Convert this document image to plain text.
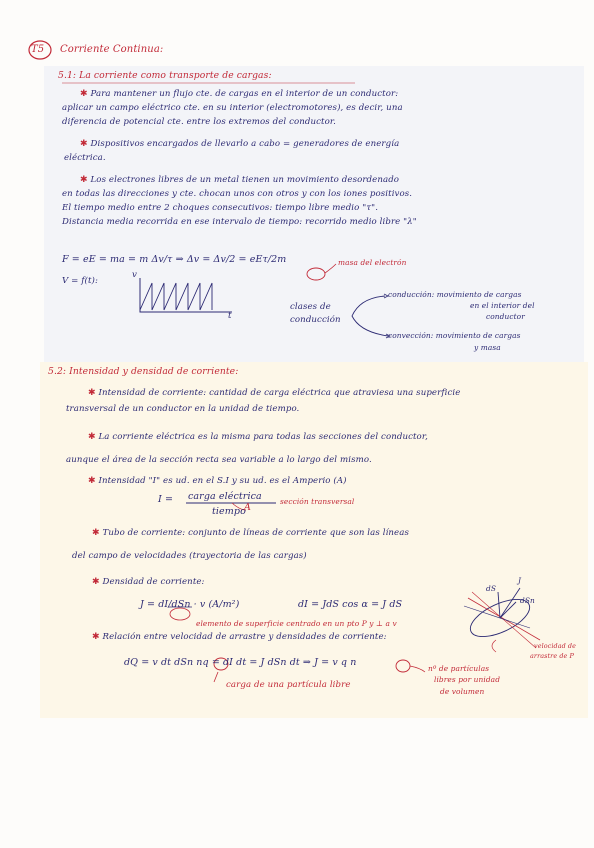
T5 Corriente Continua:
5.1: La corriente como transporte de cargas:
✱ Para mantener un flujo cte. de cargas en el interior de un conductor:
aplicar un campo eléctrico cte. en su interior (electromotores), es decir, una
diferencia de potencial cte. entre los extremos del conductor.
✱ Dispositivos encargados de llevarlo a cabo = generadores de energía
eléctrica.
✱ Los electrones libres de un metal tienen un movimiento desordenado
en todas las direcciones y cte. chocan unos con otros y con los iones positivos.
El tiempo medio entre 2 choques consecutivos: tiempo libre medio "τ".
Distancia media recorrida en ese intervalo de tiempo: recorrido medio libre "λ"
F = eE = ma = m Δv/τ ⇒ Δv = Δv/2 = eEτ/2m	masa del electrón
V = f(t):
v
t
clases de
conducción
conducción: movimiento de cargas
en el interior del
conductor
convección: movimiento de cargas
y masa
5.2: Intensidad y densidad de corriente:
✱ Intensidad de corriente: cantidad de carga eléctrica que atraviesa una superficie
transversal de un conductor en la unidad de tiempo.
✱ La corriente eléctrica es la misma para todas las secciones del conductor,
aunque el área de la sección recta sea variable a lo largo del mismo.
✱ Intensidad "I" es ud. en el S.I y su ud. es el Amperio (A)
I = carga eléctrica
tiempo
A
sección transversal
✱ Tubo de corriente: conjunto de líneas de corriente que son las líneas
del campo de velocidades (trayectoria de las cargas)
✱ Densidad de corriente:
J = dI/dSn · v (A/m²)	dI = JdS cos α = J dS
elemento de superficie centrado en un pto P y ⊥ a v
✱ Relación entre velocidad de arrastre y densidades de corriente:
dQ = v dt dSn nq = dI dt = J dSn dt ⇒ J = v q n
carga de una partícula libre
nº de partículas
libres por unidad
de volumen
velocidad de
arrastre de P
J
dS
dSn
